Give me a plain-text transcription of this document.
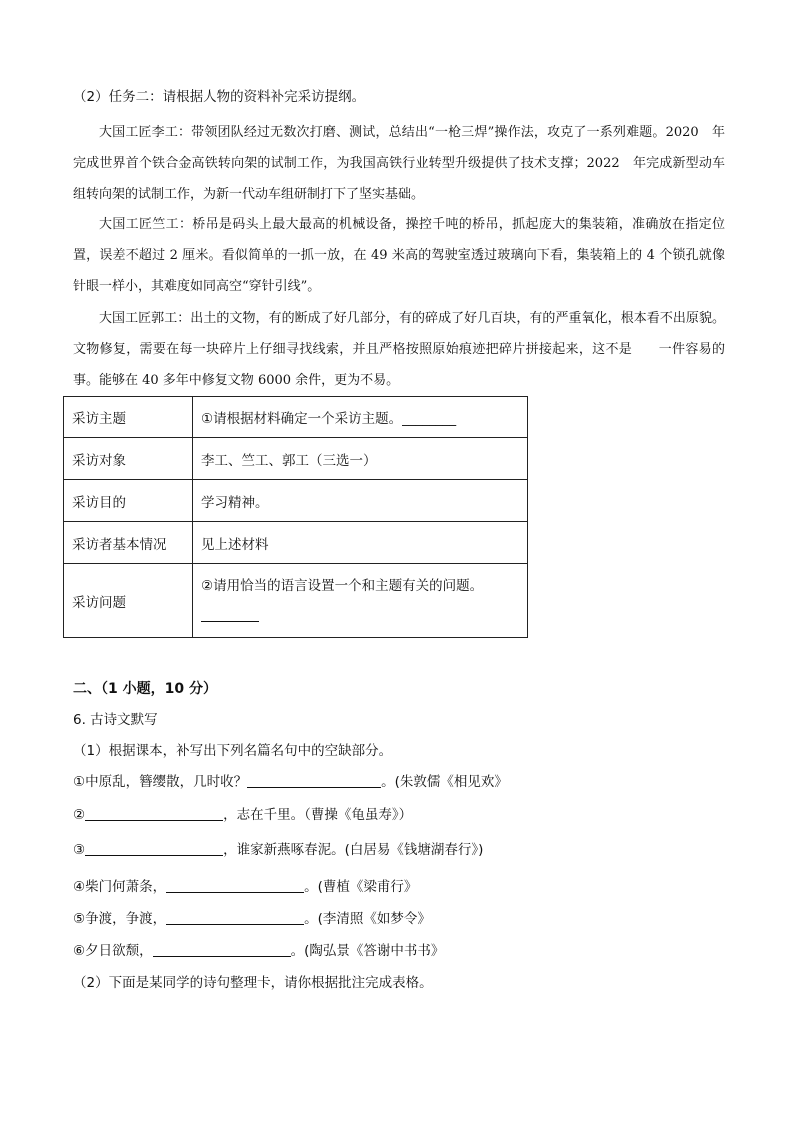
（2）任务二：请根据人物的资料补完采访提纲。
大国工匠李工：带领团队经过无数次打磨、测试，总结出“一枪三焊”操作法，攻克了一系列难题。2020　年完成世界首个铁合金高铁转向架的试制工作，为我国高铁行业转型升级提供了技术支撑；2022　年完成新型动车组转向架的试制工作，为新一代动车组研制打下了坚实基础。
大国工匠竺工：桥吊是码头上最大最高的机械设备，操控千吨的桥吊，抓起庞大的集装箱，准确放在指定位置，误差不超过 2 厘米。看似简单的一抓一放，在 49 米高的驾驶室透过玻璃向下看，集装箱上的 4 个锁孔就像针眼一样小，其难度如同高空“穿针引线”。
大国工匠郭工：出土的文物，有的断成了好几部分，有的碎成了好几百块，有的严重氧化，根本看不出原貌。文物修复，需要在每一块碎片上仔细寻找线索，并且严格按照原始痕迹把碎片拼接起来，这不是　　一件容易的事。能够在 40 多年中修复文物 6000 余件，更为不易。
采访主题	①请根据材料确定一个采访主题。________
采访对象	李工、竺工、郭工（三选一）
采访目的	学习精神。
采访者基本情况	见上述材料
采访问题	②请用恰当的语言设置一个和主题有关的问题。
二、（1 小题，10 分）
6. 古诗文默写
（1）根据课本，补写出下列名篇名句中的空缺部分。
①中原乱，簪缨散，几时收？	。(朱敦儒《相见欢》
②	，志在千里。（曹操《龟虽寿》）
③	，谁家新燕啄春泥。(白居易《钱塘湖春行》)
④柴门何萧条，	。(曹植《梁甫行》
⑤争渡，争渡，	。(李清照《如梦令》
⑥夕日欲颓，	。(陶弘景《答谢中书书》
（2）下面是某同学的诗句整理卡，请你根据批注完成表格。
